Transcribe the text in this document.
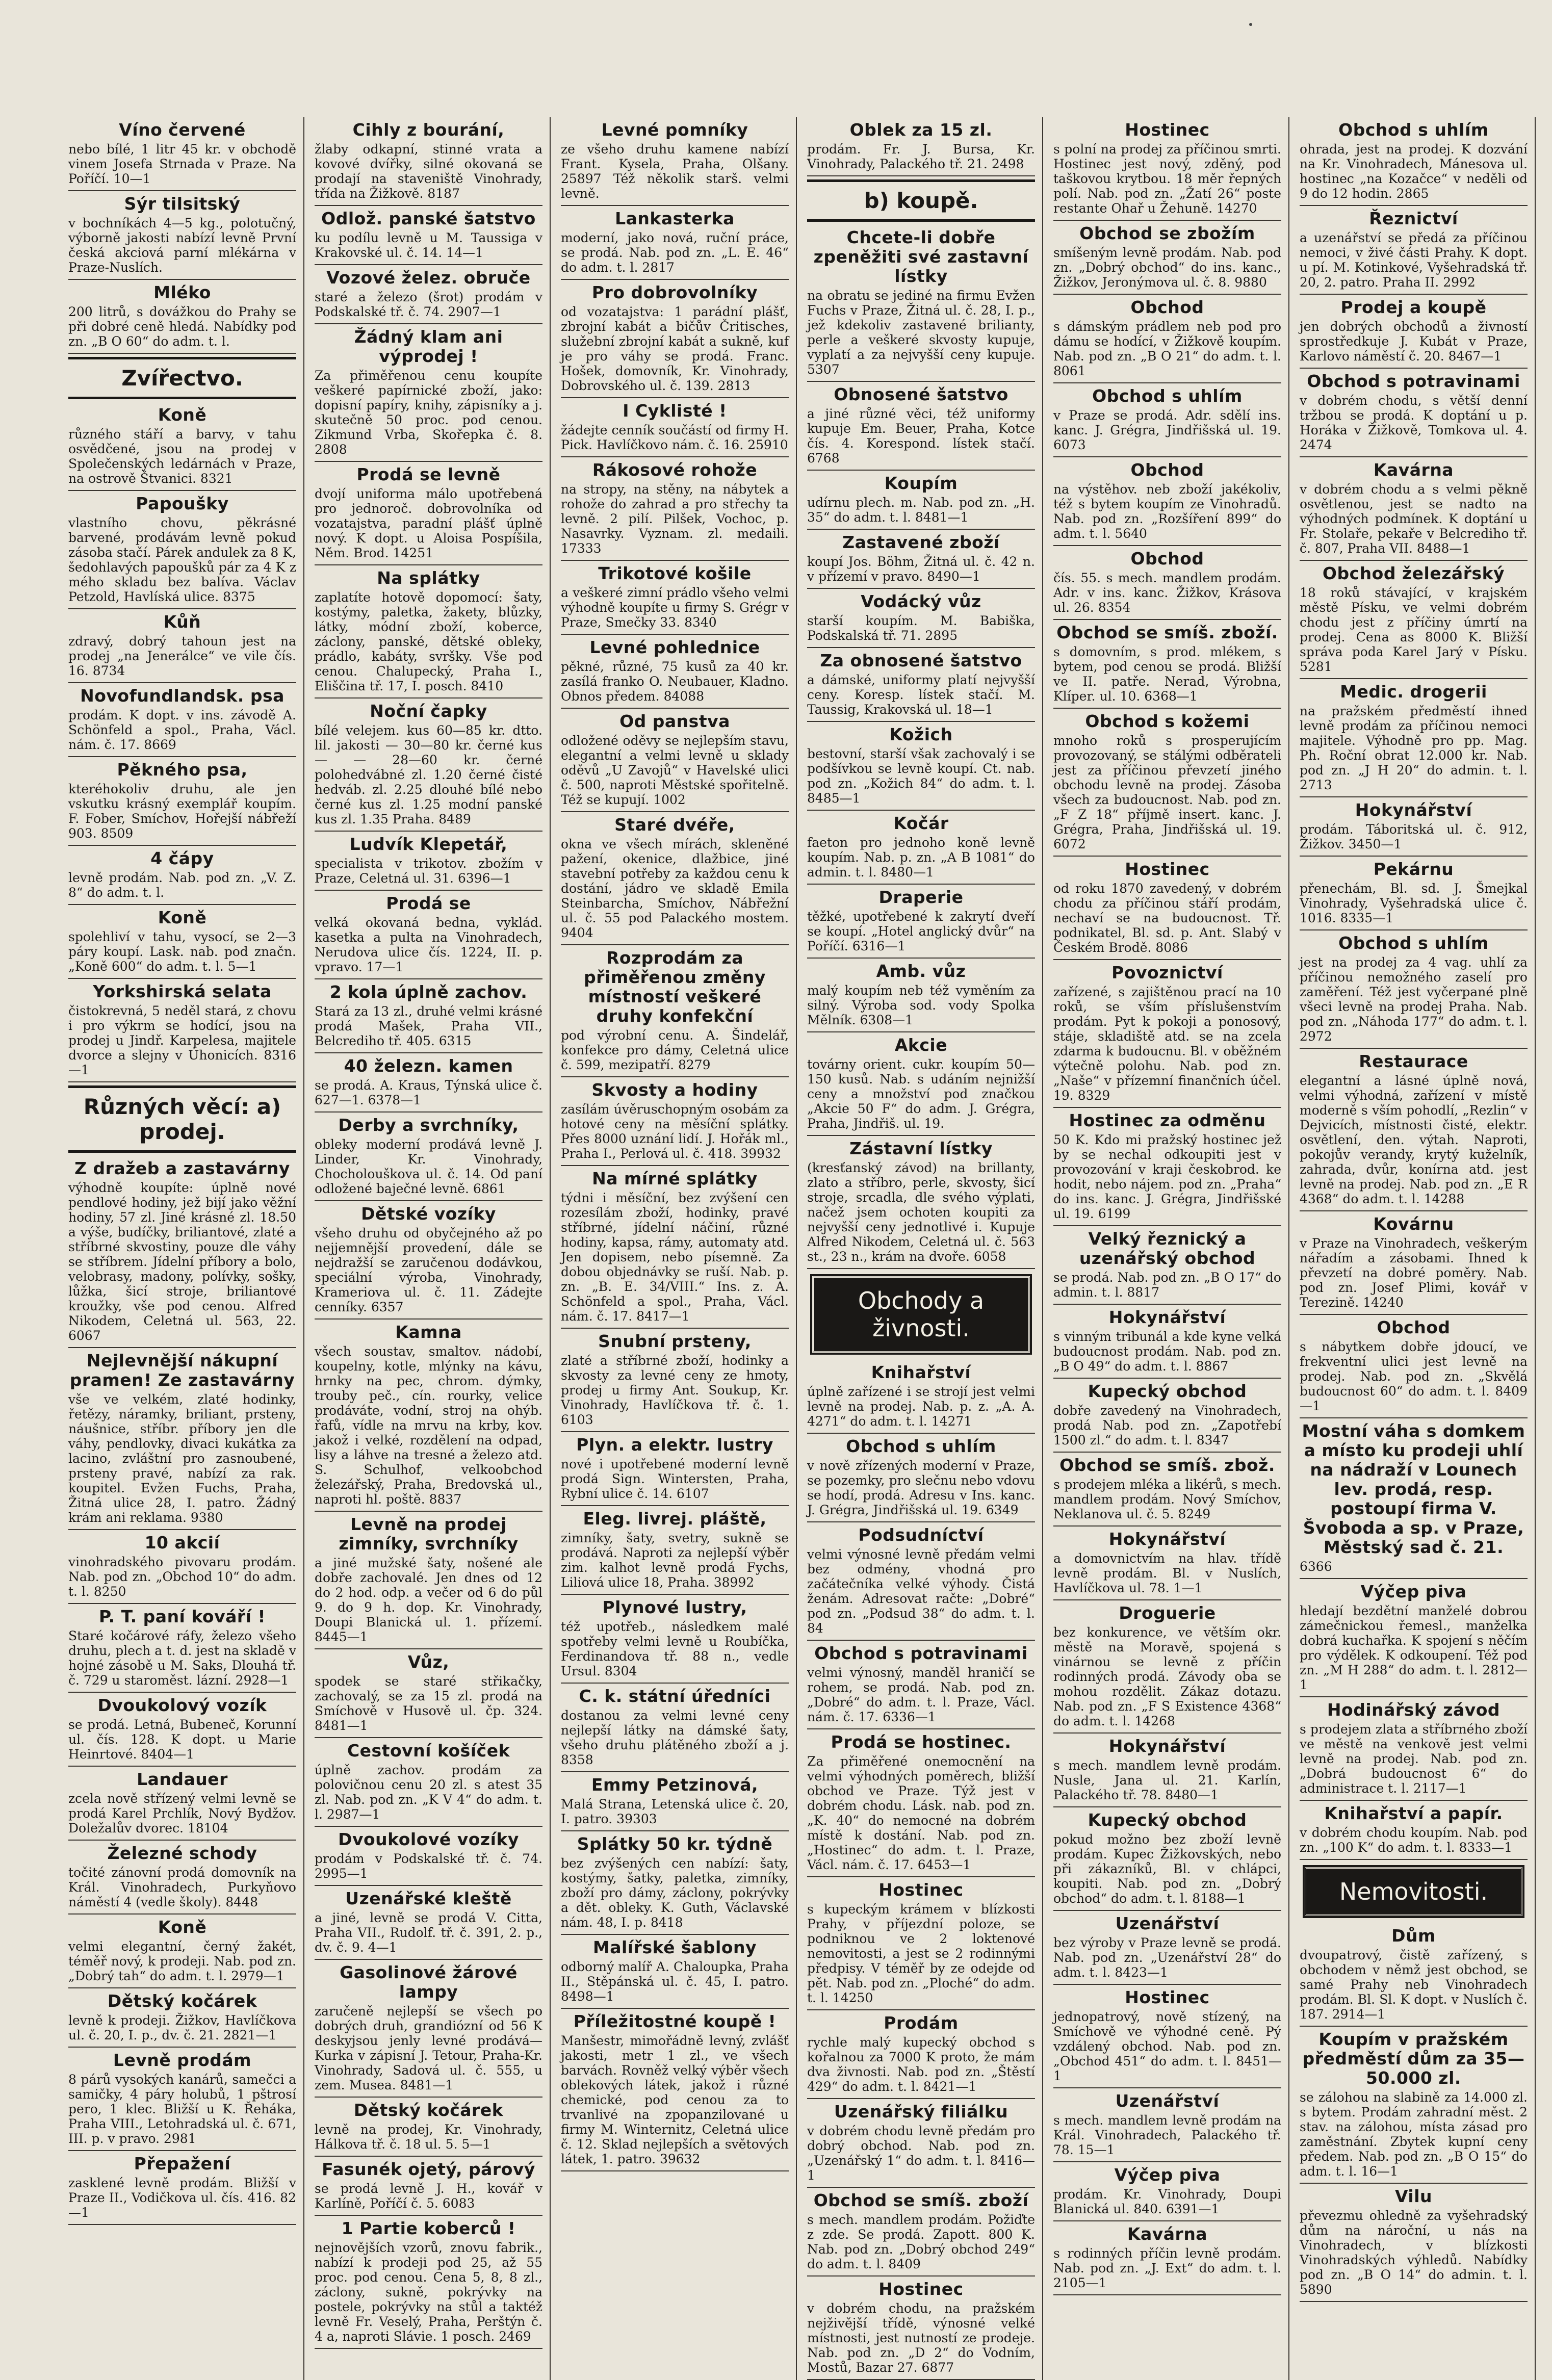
Víno červené

nebo bílé, 1 litr 45 kr. v obchodě vinem Josefa Strnada v Praze. Na Poříčí. 10—1

Sýr tilsitský

v bochníkách 4—5 kg., polotučný, výborně jakosti nabízí levně První česká akciová parní mlékárna v Praze-Nuslích.

Mléko

200 litrů, s dovážkou do Prahy se při dobré ceně hledá. Nabídky pod zn. „B O 60“ do adm. t. l.

Zvířectvo.
Koně

různého stáří a barvy, v tahu osvědčené, jsou na prodej v Společenských ledárnách v Praze, na ostrově Štvanici. 8321

Papoušky

vlastního chovu, pěkrásné barvené, prodávám levně pokud zásoba stačí. Párek andulek za 8 K, šedohlavých papoušků pár za 4 K z mého skladu bez balíva. Václav Petzold, Havlíská ulice. 8375

Kůň

zdravý, dobrý tahoun jest na prodej „na Jenerálce“ ve vile čís. 16. 8734

Novofundlandsk. psa

prodám. K dopt. v ins. závodě A. Schönfeld a spol., Praha, Václ. nám. č. 17. 8669

Pěkného psa,

kteréhokoliv druhu, ale jen vskutku krásný exemplář koupím. F. Fober, Smíchov, Hořejší nábřeží 903. 8509

4 čápy

levně prodám. Nab. pod zn. „V. Z. 8“ do adm. t. l.

Koně

spolehliví v tahu, vysocí, se 2—3 páry koupí. Lask. nab. pod značn. „Koně 600“ do adm. t. l. 5—1

Yorkshirská selata

čistokrevná, 5 neděl stará, z chovu i pro výkrm se hodící, jsou na prodej u Jindř. Karpelesa, majitele dvorce a slejny v Úhonicích. 8316—1

Různých věcí: a) prodej.
Z dražeb a zastavárny

výhodně koupíte: úplně nové pendlové hodiny, jež bijí jako věžní hodiny, 57 zl. Jiné krásné zl. 18.50 a výše, budíčky, briliantové, zlaté a stříbrné skvostiny, pouze dle váhy se stříbrem. Jídelní příbory a bolo, velobrasy, madony, polívky, sošky, lůžka, šicí stroje, briliantové kroužky, vše pod cenou. Alfred Nikodem, Celetná ul. 563, 22. 6067

Nejlevnější nákupní pramen! Ze zastavárny

vše ve velkém, zlaté hodinky, řetězy, náramky, briliant, prsteny, náušnice, stříbr. příbory jen dle váhy, pendlovky, divaci kukátka za lacino, zvláštní pro zasnoubené, prsteny pravé, nabízí za rak. koupitel. Evžen Fuchs, Praha, Žitná ulice 28, I. patro. Žádný krám ani reklama. 9380

10 akcií

vinohradského pivovaru prodám. Nab. pod zn. „Obchod 10“ do adm. t. l. 8250

P. T. paní kováří !

Staré kočárové ráfy, železo všeho druhu, plech a t. d. jest na skladě v hojné zásobě u M. Saks, Dlouhá tř. č. 729 u staroměst. lázní. 2928—1

Dvoukolový vozík

se prodá. Letná, Bubeneč, Korunní ul. čís. 128. K dopt. u Marie Heinrtové. 8404—1

Landauer

zcela nově střízený velmi levně se prodá Karel Prchlík, Nový Bydžov. Doležalův dvorec. 18104

Železné schody

točité zánovní prodá domovník na Král. Vinohradech, Purkyňovo náměstí 4 (vedle školy). 8448

Koně

velmi elegantní, černý žakét, téměř nový, k prodeji. Nab. pod zn. „Dobrý tah“ do adm. t. l. 2979—1

Dětský kočárek

levně k prodeji. Žižkov, Havlíčkova ul. č. 20, I. p., dv. č. 21. 2821—1

Levně prodám

8 párů vysokých kanárů, samečci a samičky, 4 páry holubů, 1 pštrosí pero, 1 klec. Bližší u K. Řeháka, Praha VIII., Letohradská ul. č. 671, III. p. v pravo. 2981

Přepažení

zasklené levně prodám. Bližší v Praze II., Vodičkova ul. čís. 416. 82—1

Cihly z bourání,

žlaby odkapní, stinné vrata a kovové dvířky, silné okovaná se prodají na staveniště Vinohrady, třída na Žižkově. 8187

Odlož. panské šatstvo

ku podílu levně u M. Taussiga v Krakovské ul. č. 14. 14—1

Vozové želez. obruče

staré a železo (šrot) prodám v Podskalské tř. č. 74. 2907—1

Žádný klam ani výprodej !

Za přiměřenou cenu koupíte veškeré papírnické zboží, jako: dopisní papíry, knihy, zápisníky a j. skutečně 50 proc. pod cenou. Zikmund Vrba, Skořepka č. 8. 2808

Prodá se levně

dvojí uniforma málo upotřebená pro jednoroč. dobrovolníka od vozatajstva, paradní plášť úplně nový. K dopt. u Aloisa Pospíšila, Něm. Brod. 14251

Na splátky

zaplatíte hotově dopomocí: šaty, kostýmy, paletka, žakety, blůzky, látky, módní zboží, koberce, záclony, panské, dětské obleky, prádlo, kabáty, svršky. Vše pod cenou. Chalupecký, Praha I., Eliščina tř. 17, I. posch. 8410

Noční čapky

bílé velejem. kus 60—85 kr. dtto. lil. jakosti — 30—80 kr. černé kus — — 28—60 kr. černé polohedvábné zl. 1.20 černé čisté hedváb. zl. 2.25 dlouhé bílé nebo černé kus zl. 1.25 modní panské kus zl. 1.35 Praha. 8489

Ludvík Klepetář,

specialista v trikotov. zbožím v Praze, Celetná ul. 31. 6396—1

Prodá se

velká okovaná bedna, vyklád. kasetka a pulta na Vinohradech, Nerudova ulice čís. 1224, II. p. vpravo. 17—1

2 kola úplně zachov.

Stará za 13 zl., druhé velmi krásné prodá Mašek, Praha VII., Belcrediho tř. 405. 6315

40 železn. kamen

se prodá. A. Kraus, Týnská ulice č. 627—1. 6378—1

Derby a svrchníky,

obleky moderní prodává levně J. Linder, Kr. Vinohrady, Chocholouškova ul. č. 14. Od paní odložené baječné levně. 6861

Dětské vozíky

všeho druhu od obyčejného až po nejjemnější provedení, dále se nejdražší se zaručenou dodávkou, speciální výroba, Vinohrady, Krameriova ul. č. 11. Zádejte cenníky. 6357

Kamna

všech soustav, smaltov. nádobí, koupelny, kotle, mlýnky na kávu, hrnky na pec, chrom. dýmky, trouby peč., cín. rourky, velice prodáváte, vodní, stroj na ohýb. řafů, vídle na mrvu na krby, kov. jakož i velké, rozdělení na odpad, lisy a láhve na tresné a železo atd. S. Schulhof, velkoobchod železářský, Praha, Bredovská ul., naproti hl. poště. 8837

Levně na prodej zimníky, svrchníky

a jiné mužské šaty, nošené ale dobře zachovalé. Jen dnes od 12 do 2 hod. odp. a večer od 6 do půl 9. do 9 h. dop. Kr. Vinohrady, Doupi Blanická ul. 1. přízemí. 8445—1

Vůz,

spodek se staré střikačky, zachovalý, se za 15 zl. prodá na Smíchově v Husově ul. čp. 324. 8481—1

Cestovní košíček

úplně zachov. prodám za polovičnou cenu 20 zl. s atest 35 zl. Nab. pod zn. „K V 4“ do adm. t. l. 2987—1

Dvoukolové vozíky

prodám v Podskalské tř. č. 74. 2995—1

Uzenářské kleště

a jiné, levně se prodá V. Citta, Praha VII., Rudolf. tř. č. 391, 2. p., dv. č. 9. 4—1

Gasolinové žárové lampy

zaručeně nejlepší se všech po dobrých druh, grandiózní od 56 K deskyjsou jenly levné prodává—Kurka v zápisní J. Tetour, Praha-Kr. Vinohrady, Sadová ul. č. 555, u zem. Musea. 8481—1

Dětský kočárek

levně na prodej, Kr. Vinohrady, Hálkova tř. č. 18 ul. 5. 5—1

Fasunék ojetý, párový

se prodá levně J. H., kovář v Karlíně, Poříčí č. 5. 6083

1 Partie koberců !

nejnovějších vzorů, znovu fabrik., nabízí k prodeji pod 25, až 55 proc. pod cenou. Cena 5, 8, 8 zl., záclony, sukně, pokrývky na postele, pokrývky na stůl a taktéž levně Fr. Veselý, Praha, Perštýn č. 4 a, naproti Slávie. 1 posch. 2469

Levné pomníky

ze všeho druhu kamene nabízí Frant. Kysela, Praha, Olšany. 25897 Též několik starš. velmi levně.

Lankasterka

moderní, jako nová, ruční práce, se prodá. Nab. pod zn. „L. E. 46“ do adm. t. l. 2817

Pro dobrovolníky

od vozatajstva: 1 parádní plášť, zbrojní kabát a bičův Čritisches, služební zbrojní kabát a sukně, kuf je pro váhy se prodá. Franc. Hošek, domovník, Kr. Vinohrady, Dobrovského ul. č. 139. 2813

I Cyklisté !

žádejte cenník součástí od firmy H. Pick. Havlíčkovo nám. č. 16. 25910

Rákosové rohože

na stropy, na stěny, na nábytek a rohože do zahrad a pro střechy ta levně. 2 pilí. Pilšek, Vochoc, p. Nasavrky. Vyznam. zl. medaili. 17333

Trikotové košile

a veškeré zimní prádlo všeho velmi výhodně koupíte u firmy S. Grégr v Praze, Smečky 33. 8340

Levné pohlednice

pěkné, různé, 75 kusů za 40 kr. zasílá franko O. Neubauer, Kladno. Obnos předem. 84088

Od panstva

odložené oděvy se nejlepším stavu, elegantní a velmi levně u sklady oděvů „U Zavojů“ v Havelské ulici č. 500, naproti Městské spořitelně. Též se kupují. 1002

Staré dvéře,

okna ve všech mírách, skleněné pažení, okenice, dlažbice, jiné stavební potřeby za každou cenu k dostání, jádro ve skladě Emila Steinbarcha, Smíchov, Nábřežní ul. č. 55 pod Palackého mostem. 9404

Rozprodám za přiměřenou změny místností veškeré druhy konfekční

pod výrobní cenu. A. Šindelář, konfekce pro dámy, Celetná ulice č. 599, mezipatří. 8279

Skvosty a hodiny

zasílám úvěruschopným osobám za hotové ceny na měsíční splátky. Přes 8000 uznání lidí. J. Hořák ml., Praha I., Perlová ul. č. 418. 39932

Na mírné splátky

týdni i měsíční, bez zvýšení cen rozesílám zboží, hodinky, pravé stříbrné, jídelní náčiní, různé hodiny, kapsa, rámy, automaty atd. Jen dopisem, nebo písemně. Za dobou objednávky se ruší. Nab. p. zn. „B. E. 34/VIII.“ Ins. z. A. Schönfeld a spol., Praha, Václ. nám. č. 17. 8417—1

Snubní prsteny,

zlaté a stříbrné zboží, hodinky a skvosty za levné ceny ze hmoty, prodej u firmy Ant. Soukup, Kr. Vinohrady, Havlíčkova tř. č. 1. 6103

Plyn. a elektr. lustry

nové i upotřebené moderní levně prodá Sign. Wintersten, Praha, Rybní ulice č. 14. 6107

Eleg. livrej. pláště,

zimníky, šaty, svetry, sukně se prodává. Naproti za nejlepší výběr zim. kalhot levně prodá Fychs, Liliová ulice 18, Praha. 38992

Plynové lustry,

též upotřeb., následkem malé spotřeby velmi levně u Roubíčka, Ferdinandova tř. 88 n., vedle Ursul. 8304

C. k. státní úředníci

dostanou za velmi levné ceny nejlepší látky na dámské šaty, všeho druhu plátěného zboží a j. 8358

Emmy Petzinová,

Malá Strana, Letenská ulice č. 20, I. patro. 39303

Splátky 50 kr. týdně

bez zvýšených cen nabízí: šaty, kostýmy, šatky, paletka, zimníky, zboží pro dámy, záclony, pokrývky a dět. obleky. K. Guth, Václavské nám. 48, I. p. 8418

Malířské šablony

odborný malíř A. Chaloupka, Praha II., Stěpánská ul. č. 45, I. patro. 8498—1

Příležitostné koupě !

Manšestr, mimořádně levný, zvlášť jakosti, metr 1 zl., ve všech barvách. Rovněž velký výběr všech oblekových látek, jakož i různé chemické, pod cenou za to trvanlivé na zpopanzilované u firmy M. Winternitz, Celetná ulice č. 12. Sklad nejlepších a světových látek, 1. patro. 39632

Oblek za 15 zl.

prodám. Fr. J. Bursa, Kr. Vinohrady, Palackého tř. 21. 2498

b) koupě.
Chcete-li dobře zpeněžiti své zastavní lístky

na obratu se jediné na firmu Evžen Fuchs v Praze, Žitná ul. č. 28, I. p., jež kdekoliv zastavené brilianty, perle a veškeré skvosty kupuje, vyplatí a za nejvyšší ceny kupuje. 5307

Obnosené šatstvo

a jiné různé věci, též uniformy kupuje Em. Beuer, Praha, Kotce čís. 4. Korespond. lístek stačí. 6768

Koupím

udírnu plech. m. Nab. pod zn. „H. 35“ do adm. t. l. 8481—1

Zastavené zboží

koupí Jos. Böhm, Žitná ul. č. 42 n. v přízemí v pravo. 8490—1

Vodácký vůz

starší koupím. M. Babiška, Podskalská tř. 71. 2895

Za obnosené šatstvo

a dámské, uniformy platí nejvyšší ceny. Koresp. lístek stačí. M. Taussig, Krakovská ul. 18—1

Kožich

bestovní, starší však zachovalý i se podšívkou se levně koupí. Ct. nab. pod zn. „Kožich 84“ do adm. t. l. 8485—1

Kočár

faeton pro jednoho koně levně koupím. Nab. p. zn. „A B 1081“ do admin. t. l. 8480—1

Draperie

těžké, upotřebené k zakrytí dveří se koupí. „Hotel anglický dvůr“ na Poříčí. 6316—1

Amb. vůz

malý koupím neb též vyměním za silný. Výroba sod. vody Spolka Mělník. 6308—1

Akcie

továrny orient. cukr. koupím 50—150 kusů. Nab. s udáním nejnižší ceny a množství pod značkou „Akcie 50 F“ do adm. J. Grégra, Praha, Jindřiš. ul. 19.

Zástavní lístky

(kresťanský závod) na brillanty, zlato a stříbro, perle, skvosty, šicí stroje, srcadla, dle svého výplati, načež jsem ochoten koupiti za nejvyšší ceny jednotlivé i. Kupuje Alfred Nikodem, Celetná ul. č. 563 st., 23 n., krám na dvoře. 6058

Obchody a živnosti.
Knihařství

úplně zařízené i se strojí jest velmi levně na prodej. Nab. p. z. „A. A. 4271“ do adm. t. l. 14271

Obchod s uhlím

v nově zřízených moderní v Praze, se pozemky, pro slečnu nebo vdovu se hodí, prodá. Adresu v Ins. kanc. J. Grégra, Jindřišská ul. 19. 6349

Podsudníctví

velmi výnosné levně předám velmi bez odmény, vhodná pro začátečníka velké výhody. Čistá ženám. Adresovat račte: „Dobré“ pod zn. „Podsud 38“ do adm. t. l. 84

Obchod s potravinami

velmi výnosný, manděl hraničí se rohem, se prodá. Nab. pod zn. „Dobré“ do adm. t. l. Praze, Václ. nám. č. 17. 6336—1

Prodá se hostinec.

Za přiměřené onemocnění na velmi výhodných poměrech, bližší obchod ve Praze. Týž jest v dobrém chodu. Lásk. nab. pod zn. „K. 40“ do nemocné na dobrém místě k dostání. Nab. pod zn. „Hostinec“ do adm. t. l. Praze, Václ. nám. č. 17. 6453—1

Hostinec

s kupeckým krámem v blízkosti Prahy, v příjezdní poloze, se podniknou ve 2 loktenové nemovitosti, a jest se 2 rodinnými předpisy. V téměř by ze odejde od pět. Nab. pod zn. „Ploché“ do adm. t. l. 14250

Prodám

rychle malý kupecký obchod s kořalnou za 7000 K proto, že mám dva živnosti. Nab. pod zn. „Štěstí 429“ do adm. t. l. 8421—1

Uzenářský filiálku

v dobrém chodu levně předám pro dobrý obchod. Nab. pod zn. „Uzenářský 1“ do adm. t. l. 8416—1

Obchod se smíš. zboží

s mech. mandlem prodám. Požiďte z zde. Se prodá. Zapott. 800 K. Nab. pod zn. „Dobrý obchod 249“ do adm. t. l. 8409

Hostinec

v dobrém chodu, na pražském nejživější třídě, výnosné velké místnosti, jest nutností ze prodeje. Nab. pod zn. „D 2“ do Vodním, Mostů, Bazar 27. 6877

Hostinec

s polní na prodej za příčinou smrti. Hostinec jest nový, zděný, pod taškovou krytbou. 18 měr řepných polí. Nab. pod zn. „Žatí 26“ poste restante Ohař u Žehuně. 14270

Obchod se zbožím

smíšeným levně prodám. Nab. pod zn. „Dobrý obchod“ do ins. kanc., Žižkov, Jeronýmova ul. č. 8. 9880

Obchod

s dámským prádlem neb pod pro dámu se hodící, v Žižkově koupím. Nab. pod zn. „B O 21“ do adm. t. l. 8061

Obchod s uhlím

v Praze se prodá. Adr. sdělí ins. kanc. J. Grégra, Jindřišská ul. 19. 6073

Obchod

na výstěhov. neb zboží jakékoliv, též s bytem koupím ze Vinohradů. Nab. pod zn. „Rozšíření 899“ do adm. t. l. 5640

Obchod

čís. 55. s mech. mandlem prodám. Adr. v ins. kanc. Žižkov, Krásova ul. 26. 8354

Obchod se smíš. zboží.

s domovním, s prod. mlékem, s bytem, pod cenou se prodá. Bližší ve II. patře. Nerad, Výrobna, Klíper. ul. 10. 6368—1

Obchod s kožemi

mnoho roků s prosperujícím provozovaný, se stálými odběrateli jest za příčinou převzetí jiného obchodu levně na prodej. Zásoba všech za budoucnost. Nab. pod zn. „F Z 18“ příjmě insert. kanc. J. Grégra, Praha, Jindřišská ul. 19. 6072

Hostinec

od roku 1870 zavedený, v dobrém chodu za příčinou stáří prodám, nechaví se na budoucnost. Tř. podnikatel, Bl. sd. p. Ant. Slabý v Českém Brodě. 8086

Povoznictví

zařízené, s zajištěnou prací na 10 roků, se vším příslušenstvím prodám. Pyt k pokoji a ponosový, stáje, skladiště atd. se na zcela zdarma k budoucnu. Bl. v oběžném výtečně polohu. Nab. pod zn. „Naše“ v přízemní finančních účel. 19. 8329

Hostinec za odměnu

50 K. Kdo mi pražský hostinec jež by se nechal odkoupiti jest v provozování v kraji českobrod. ke hodit, nebo nájem. pod zn. „Praha“ do ins. kanc. J. Grégra, Jindřišské ul. 19. 6199

Velký řeznický a uzenářský obchod

se prodá. Nab. pod zn. „B O 17“ do admin. t. l. 8817

Hokynářství

s vinným tribunál a kde kyne velká budoucnost prodám. Nab. pod zn. „B O 49“ do adm. t. l. 8867

Kupecký obchod

dobře zavedený na Vinohradech, prodá Nab. pod zn. „Zapotřebí 1500 zl.“ do adm. t. l. 8347

Obchod se smíš. zbož.

s prodejem mléka a likérů, s mech. mandlem prodám. Nový Smíchov, Neklanova ul. č. 5. 8249

Hokynářství

a domovnictvím na hlav. třídě levně prodám. Bl. v Nuslích, Havlíčkova ul. 78. 1—1

Droguerie

bez konkurence, ve větším okr. městě na Moravě, spojená s vinárnou se levně z příčin rodinných prodá. Závody oba se mohou rozdělit. Zákaz dotazu. Nab. pod zn. „F S Existence 4368“ do adm. t. l. 14268

Hokynářství

s mech. mandlem levně prodám. Nusle, Jana ul. 21. Karlín, Palackého tř. 78. 8480—1

Kupecký obchod

pokud možno bez zboží levně prodám. Kupec Žižkovských, nebo při zákazníků, Bl. v chlápci, koupiti. Nab. pod zn. „Dobrý obchod“ do adm. t. l. 8188—1

Uzenářství

bez výroby v Praze levně se prodá. Nab. pod zn. „Uzenářství 28“ do adm. t. l. 8423—1

Hostinec

jednopatrový, nově stízený, na Smíchově ve výhodné ceně. Pý vzdálený obchod. Nab. pod zn. „Obchod 451“ do adm. t. l. 8451—1

Uzenářství

s mech. mandlem levně prodám na Král. Vinohradech, Palackého tř. 78. 15—1

Výčep piva

prodám. Kr. Vinohrady, Doupi Blanická ul. 840. 6391—1

Kavárna

s rodinných příčin levně prodám. Nab. pod zn. „J. Ext“ do adm. t. l. 2105—1

Obchod s uhlím

ohrada, jest na prodej. K dozvání na Kr. Vinohradech, Mánesova ul. hostinec „na Kozačce“ v neděli od 9 do 12 hodin. 2865

Řeznictví

a uzenářství se předá za příčinou nemoci, v živé části Prahy. K dopt. u pí. M. Kotinkové, Vyšehradská tř. 20, 2. patro. Praha II. 2992

Prodej a koupě

jen dobrých obchodů a živností sprostředkuje J. Kubát v Praze, Karlovo náměstí č. 20. 8467—1

Obchod s potravinami

v dobrém chodu, s větší denní tržbou se prodá. K doptání u p. Horáka v Žižkově, Tomkova ul. 4. 2474

Kavárna

v dobrém chodu a s velmi pěkně osvětlenou, jest se nadto na výhodných podmínek. K doptání u Fr. Stolaře, pekaře v Belcrediho tř. č. 807, Praha VII. 8488—1

Obchod železářský

18 roků stávající, v krajském městě Písku, ve velmi dobrém chodu jest z příčiny úmrtí na prodej. Cena as 8000 K. Bližší správa poda Karel Jarý v Písku. 5281

Medic. drogerii

na pražském předměstí ihned levně prodám za příčinou nemoci majitele. Výhodně pro pp. Mag. Ph. Roční obrat 12.000 kr. Nab. pod zn. „J H 20“ do admin. t. l. 2713

Hokynářství

prodám. Táboritská ul. č. 912, Žižkov. 3450—1

Pekárnu

přenechám, Bl. sd. J. Šmejkal Vinohrady, Vyšehradská ulice č. 1016. 8335—1

Obchod s uhlím

jest na prodej za 4 vag. uhlí za příčinou nemožného zaselí pro zaměření. Též jest vyčerpané plně všeci levně na prodej Praha. Nab. pod zn. „Náhoda 177“ do adm. t. l. 2972

Restaurace

elegantní a lásné úplně nová, velmi výhodná, zařízení v místě moderně s vším pohodlí, „Rezlin“ v Dejvicích, místnosti čisté, elektr. osvětlení, den. výtah. Naproti, pokojův verandy, krytý kuželník, zahrada, dvůr, konírna atd. jest levně na prodej. Nab. pod zn. „E R 4368“ do adm. t. l. 14288

Kovárnu

v Praze na Vinohradech, veškerým nářadím a zásobami. Ihned k převzetí na dobré poměry. Nab. pod zn. Josef Plimi, kovář v Terezině. 14240

Obchod

s nábytkem dobře jdoucí, ve frekventní ulici jest levně na prodej. Nab. pod zn. „Skvělá budoucnost 60“ do adm. t. l. 8409—1

Mostní váha s domkem a místo ku prodeji uhlí na nádraží v Lounech lev. prodá, resp. postoupí firma V. Švoboda a sp. v Praze, Městský sad č. 21.

6366

Výčep piva

hledají bezdětní manželé dobrou zámečnickou řemesl., manželka dobrá kuchařka. K spojení s něčím pro výdělek. K odkoupení. Též pod zn. „M H 288“ do adm. t. l. 2812—1

Hodinářský závod

s prodejem zlata a stříbrného zboží ve městě na venkově jest velmi levně na prodej. Nab. pod zn. „Dobrá budoucnost 6“ do administrace t. l. 2117—1

Knihařství a papír.

v dobrém chodu koupím. Nab. pod zn. „100 K“ do adm. t. l. 8333—1

Nemovitosti.
Dům

dvoupatrový, čistě zařízený, s obchodem v němž jest obchod, se samé Prahy neb Vinohradech prodám. Bl. Sl. K dopt. v Nuslích č. 187. 2914—1

Koupím v pražském předměstí dům za 35—50.000 zl.

se zálohou na slabině za 14.000 zl. s bytem. Prodám zahradní měst. 2 stav. na zálohou, místa zásad pro zaměstnání. Zbytek kupní ceny předem. Nab. pod zn. „B O 15“ do adm. t. l. 16—1

Vilu

převezmu ohledně za vyšehradský dům na nároční, u nás na Vinohradech, v blízkosti Vinohradských výhledů. Nabídky pod zn. „B O 14“ do admin. t. l. 5890
